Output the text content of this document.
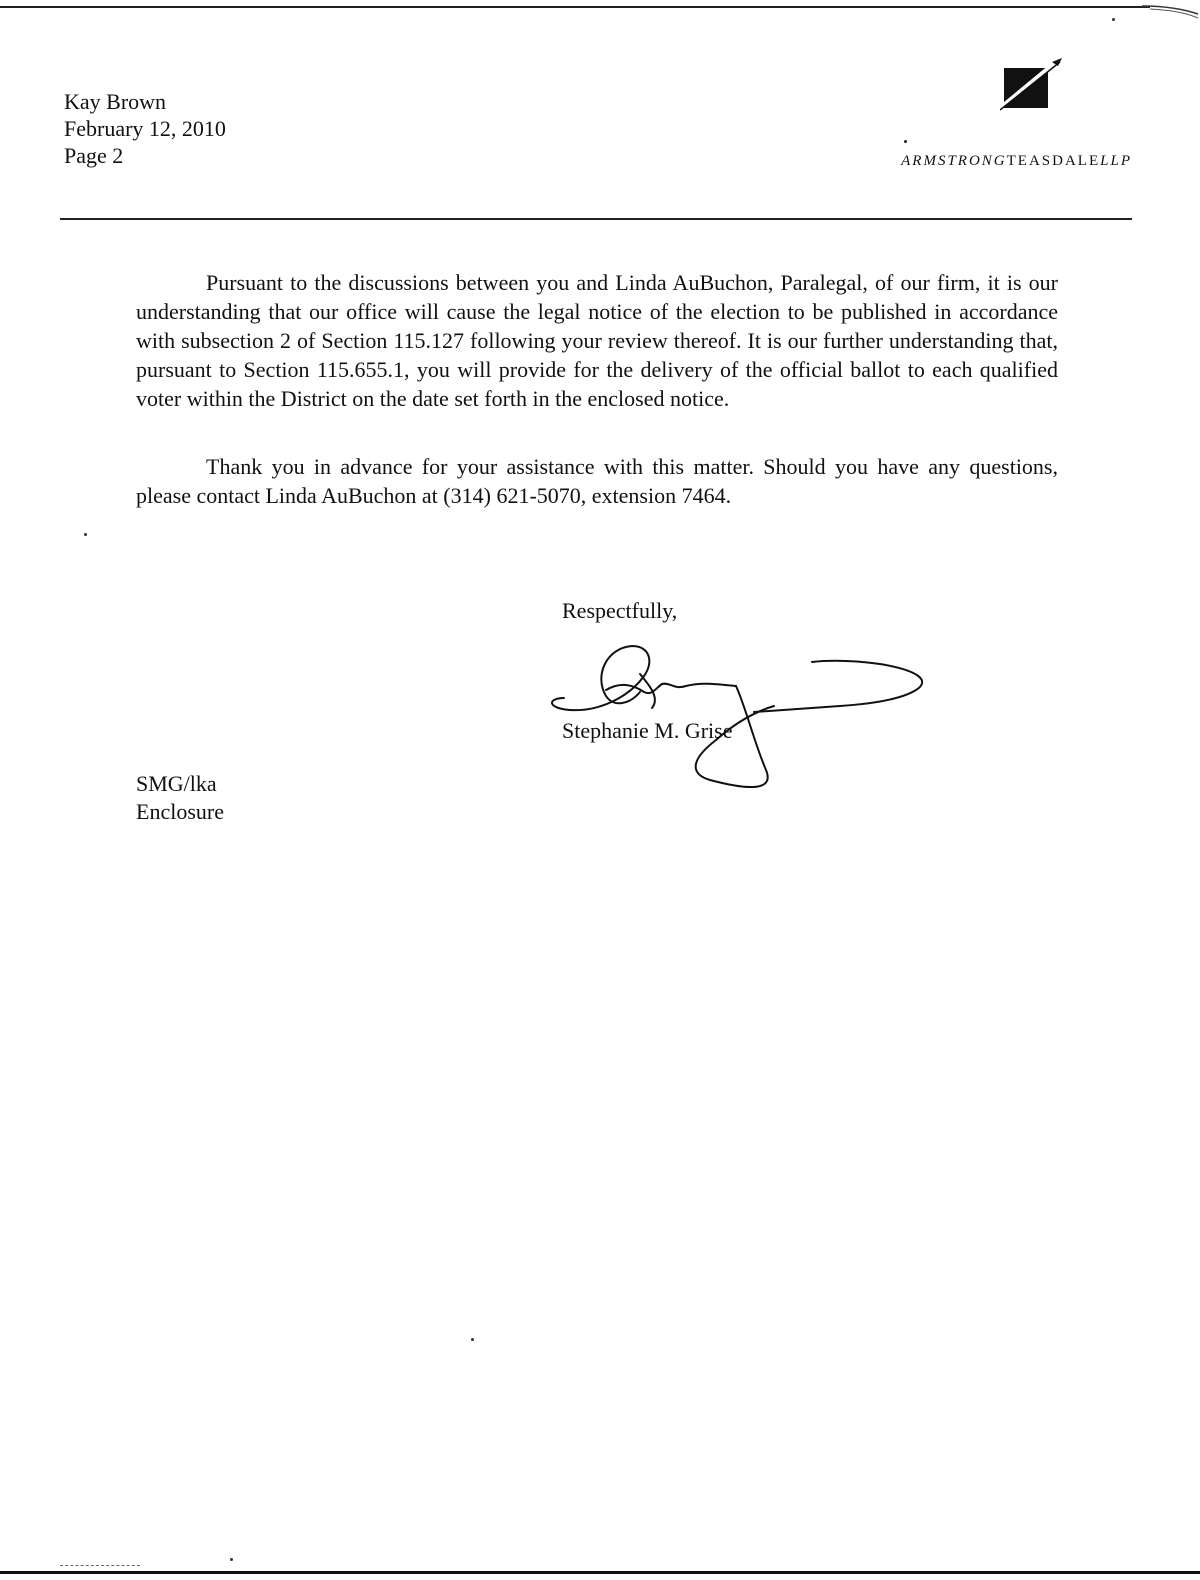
Kay Brown
February 12, 2010
Page 2	ARMSTRONGTEASDALELLP

Pursuant to the discussions between you and Linda AuBuchon, Paralegal, of our firm, it is our understanding that our office will cause the legal notice of the election to be published in accordance with subsection 2 of Section 115.127 following your review thereof. It is our further understanding that, pursuant to Section 115.655.1, you will provide for the delivery of the official ballot to each qualified voter within the District on the date set forth in the enclosed notice.

Thank you in advance for your assistance with this matter. Should you have any questions, please contact Linda AuBuchon at (314) 621-5070, extension 7464.

Respectfully,
Stephanie M. Grise
SMG/lka
Enclosure
